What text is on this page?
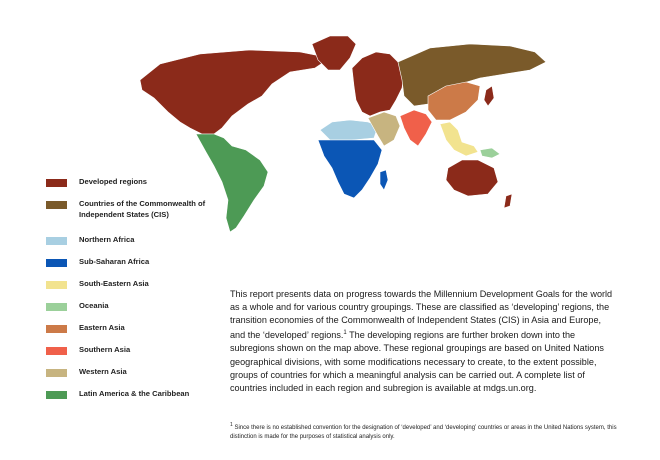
Developed regions
Countries of the Commonwealth of Independent States (CIS)
Northern Africa
Sub-Saharan Africa
South-Eastern Asia
Oceania
Eastern Asia
Southern Asia
Western Asia
Latin America & the Caribbean
This report presents data on progress towards the Millennium Development Goals for the world as a whole and for various country groupings. These are classified as ‘developing’ regions, the transition economies of the Commonwealth of Independent States (CIS) in Asia and Europe, and the ‘developed’ regions.$^1$ The developing regions are further broken down into the subregions shown on the map above. These regional groupings are based on United Nations geographical divisions, with some modifications necessary to create, to the extent possible, groups of countries for which a meaningful analysis can be carried out. A complete list of countries included in each region and subregion is available at mdgs.un.org.
$^1$ Since there is no established convention for the designation of ‘developed’ and ‘developing’ countries or areas in the United Nations system, this distinction is made for the purposes of statistical analysis only.
